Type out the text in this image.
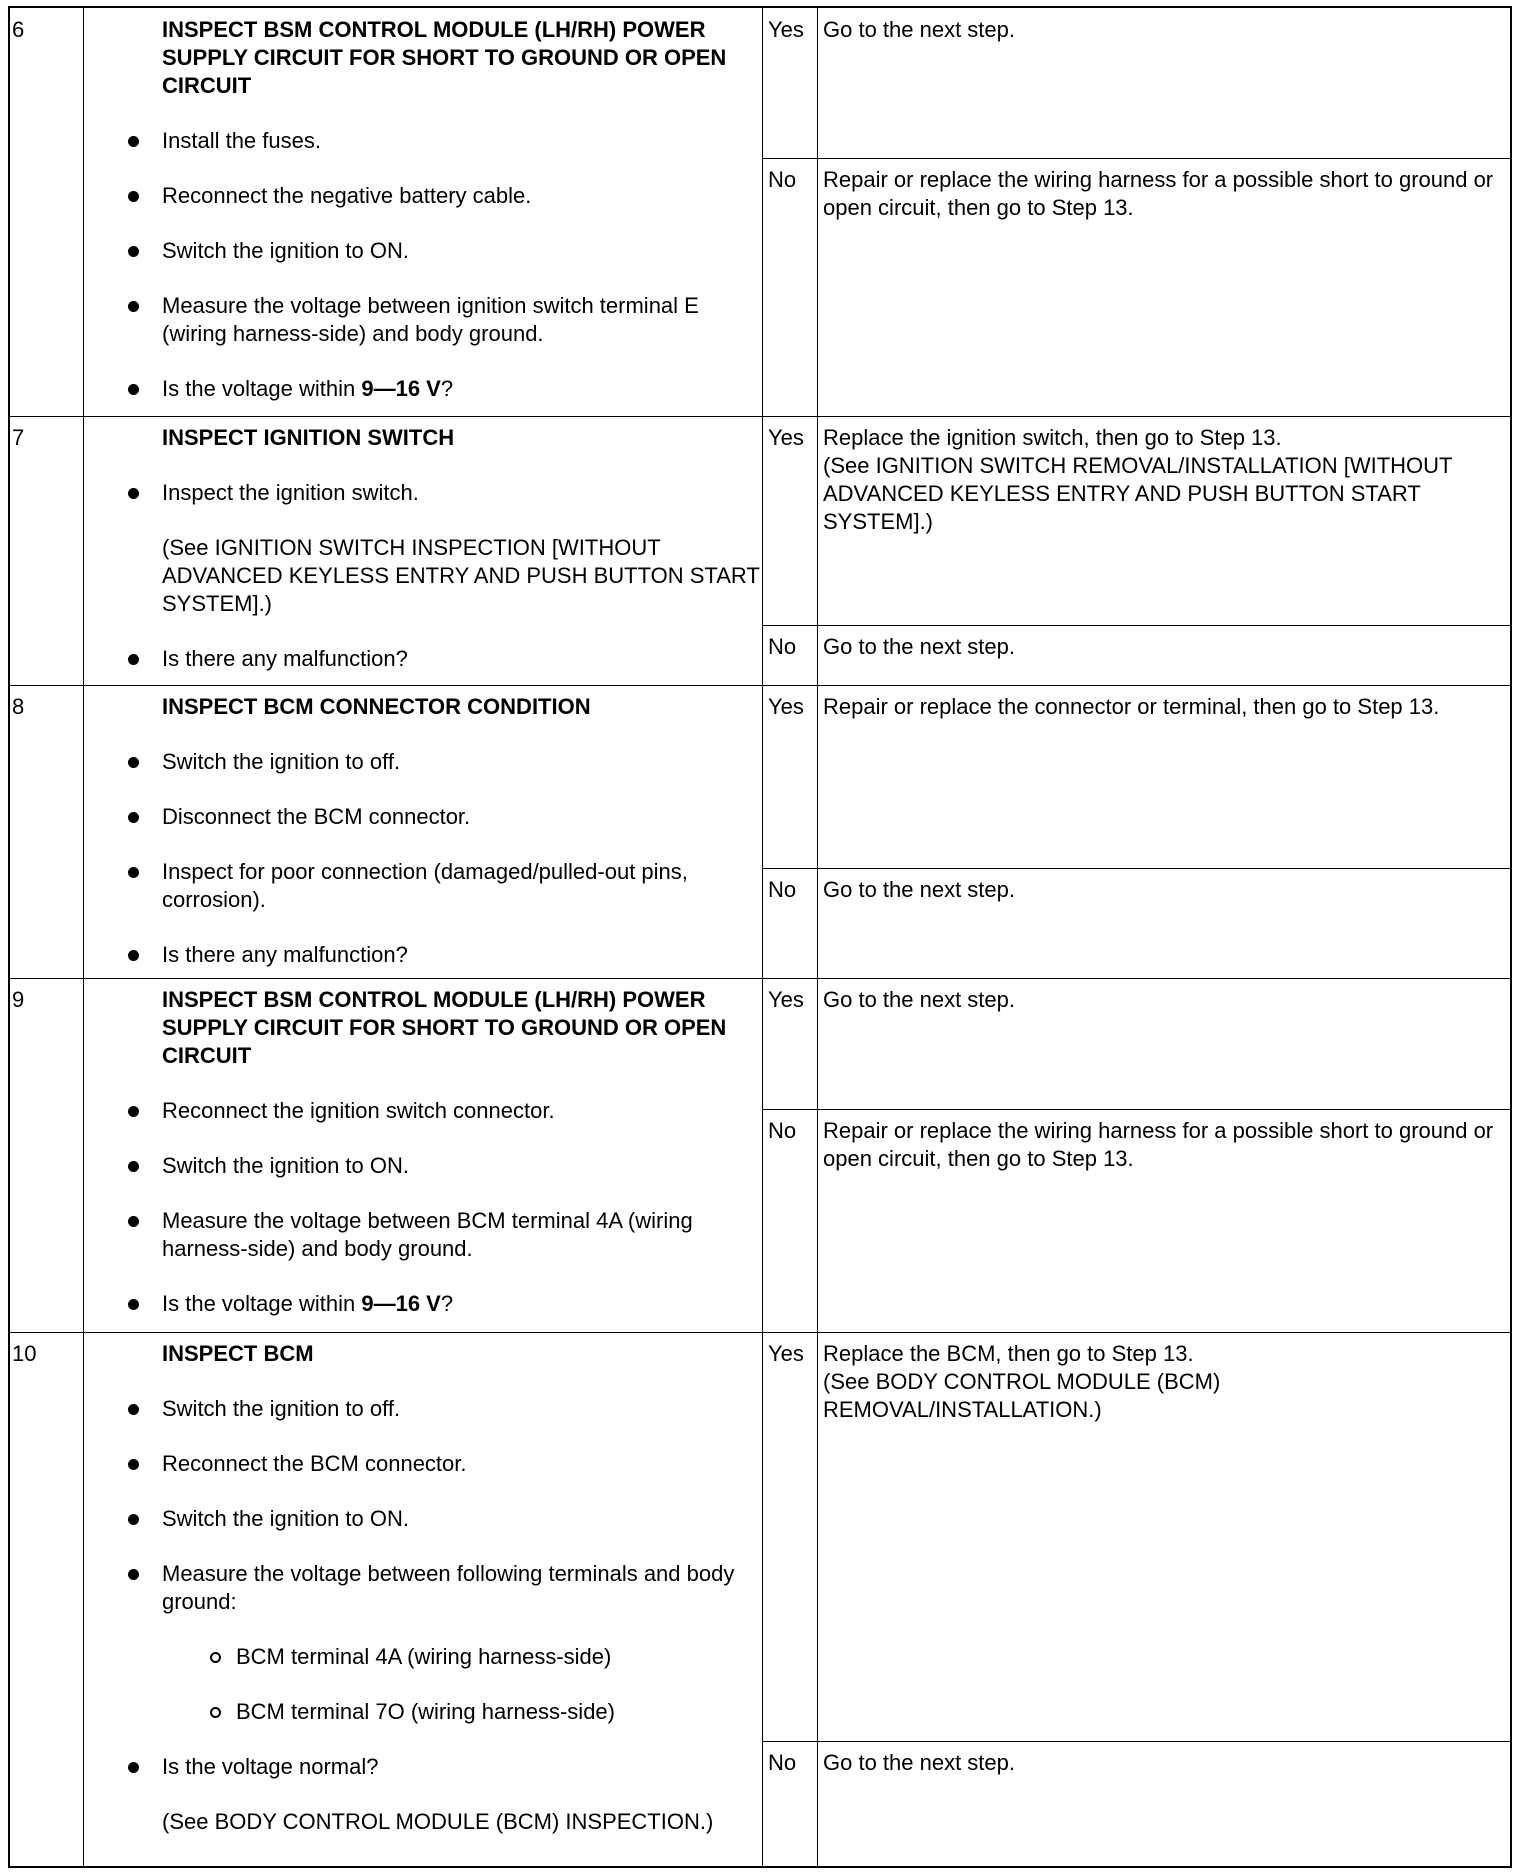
6	INSPECT BSM CONTROL MODULE (LH/RH) POWER SUPPLY CIRCUIT FOR SHORT TO GROUND OR OPEN CIRCUIT
Install the fuses.
Reconnect the negative battery cable.
Switch the ignition to ON.
Measure the voltage between ignition switch terminal E (wiring harness-side) and body ground.
Is the voltage within 9—16 V?
Yes Go to the next step.

No Repair or replace the wiring harness for a possible short to ground or open circuit, then go to Step 13.

7	INSPECT IGNITION SWITCH
Inspect the ignition switch.
(See IGNITION SWITCH INSPECTION [WITHOUT ADVANCED KEYLESS ENTRY AND PUSH BUTTON START SYSTEM].)
Is there any malfunction?
Yes Replace the ignition switch, then go to Step 13.

(See IGNITION SWITCH REMOVAL/INSTALLATION [WITHOUT ADVANCED KEYLESS ENTRY AND PUSH BUTTON START SYSTEM].)

No Go to the next step.

8	INSPECT BCM CONNECTOR CONDITION
Switch the ignition to off.
Disconnect the BCM connector.
Inspect for poor connection (damaged/pulled-out pins, corrosion).
Is there any malfunction?
Yes Repair or replace the connector or terminal, then go to Step 13.

No Go to the next step.

9	INSPECT BSM CONTROL MODULE (LH/RH) POWER SUPPLY CIRCUIT FOR SHORT TO GROUND OR OPEN CIRCUIT
Reconnect the ignition switch connector.
Switch the ignition to ON.
Measure the voltage between BCM terminal 4A (wiring harness-side) and body ground.
Is the voltage within 9—16 V?
Yes Go to the next step.

No Repair or replace the wiring harness for a possible short to ground or open circuit, then go to Step 13.

10	INSPECT BCM
Switch the ignition to off.
Reconnect the BCM connector.
Switch the ignition to ON.
Measure the voltage between following terminals and body ground:
BCM terminal 4A (wiring harness-side)
BCM terminal 7O (wiring harness-side)
Is the voltage normal?
(See BODY CONTROL MODULE (BCM) INSPECTION.)
Yes Replace the BCM, then go to Step 13.

(See BODY CONTROL MODULE (BCM) REMOVAL/INSTALLATION.)

No Go to the next step.
